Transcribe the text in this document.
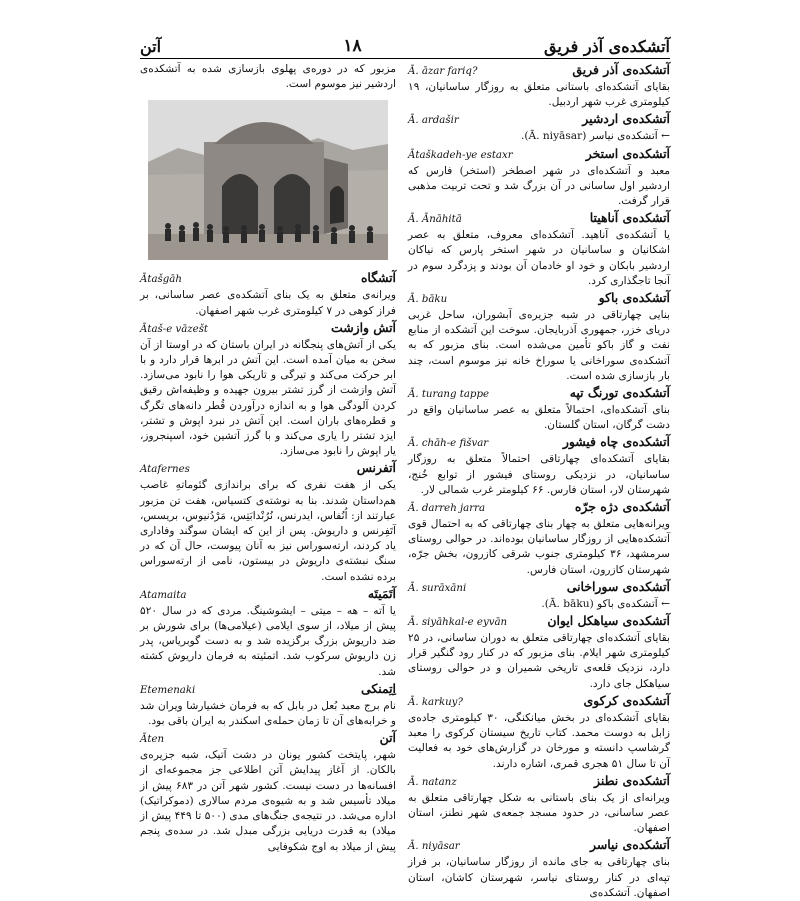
آتن	۱۸	آتشکده‌ی آذر فریق
آتشکده‌ی آذر فریق
Ā. āzar fariq?

بقایای آتشکده‌ای باستانی متعلق به روزگار ساسانیان، ۱۹ کیلومتری غرب شهر اردبیل.

آتشکده‌ی اردشیر
Ā. ardašir

← آتشکده‌ی نیاسر (Ā. niyāsar).

آتشکده‌ی استخر
Ātaškadeh-ye estaxr

معبد و آتشکده‌ای در شهر اصطخر (استخر) فارس که اردشیر اول ساسانی در آن بزرگ شد و تحت تربیت مذهبی قرار گرفت.

آتشکده‌ی آناهیتا
Ā. Ānāhitā

یا آتشکده‌ی آناهید. آتشکده‌ای معروف، متعلق به عصر اشکانیان و ساسانیان در شهر استخر پارس که نیاکان اردشیر بابکان و خود او خادمان آن بودند و پزدگرد سوم در آنجا تاجگذاری کرد.

آتشکده‌ی باکو
Ā. bāku

بنایی چهارتاقی در شبه جزیره‌ی آبشوران، ساحل غربی دریای خزر، جمهوری آذربایجان. سوخت این آتشکده از منابع نفت و گاز باکو تأمین می‌شده است. بنای مزبور که به آتشکده‌ی سوراخانی یا سوراخ خانه نیز موسوم است، چند بار بازسازی شده است.

آتشکده‌ی تورنگ تپه
Ā. turang tappe

بنای آتشکده‌ای، احتمالاً متعلق به عصر ساسانیان واقع در دشت گرگان، استان گلستان.

آتشکده‌ی چاه فیشور
Ā. chāh-e fišvar

بقایای آتشکده‌ای چهارتاقی احتمالاً متعلق به روزگار ساسانیان، در نزدیکی روستای فیشور از توابع خُنج، شهرستان لار، استان فارس. ۶۶ کیلومتر غرب شمالی لار.

آتشکده‌ی دژه جرّه
Ā. darreh jarra

ویرانه‌هایی متعلق به چهار بنای چهارتاقی که به احتمال قوی آتشکده‌هایی از روزگار ساسانیان بوده‌اند. در حوالی روستای سرمشهد، ۳۶ کیلومتری جنوب شرقی کازرون، بخش جرّه، شهرستان کازرون، استان فارس.

آتشکده‌ی سوراخانی
Ā. surāxāni

← آتشکده‌ی باکو (Ā. bāku).

آتشکده‌ی سیاهکل ایوان
Ā. siyāhkal-e eyvān

بقایای آتشکده‌ای چهارتاقی متعلق به دوران ساسانی، در ۲۵ کیلومتری شهر ایلام. بنای مزبور که در کنار رود گنگیر قرار دارد، نزدیک قلعه‌ی تاریخی شمیران و در حوالی روستای سیاهکل جای دارد.

آتشکده‌ی کرکوی
Ā. karkuy?

بقایای آتشکده‌ای در بخش میانکنگی، ۳۰ کیلومتری جاده‌ی زابل به دوست محمد. کتاب تاریخ سیستان کرکوی را معبد گرشاسپ دانسته و مورخان در گزارش‌های خود به فعالیت آن تا سال ۵۱ هجری قمری، اشاره دارند.

آتشکده‌ی نطنز
Ā. natanz

ویرانه‌ای از یک بنای باستانی به شکل چهارتاقی متعلق به عصر ساسانی، در حدود مسجد جمعه‌ی شهر نطنز، استان اصفهان.

آتشکده‌ی نیاسر
Ā. niyāsar

بنای چهارتاقی به جای مانده از روزگار ساسانیان، بر فراز تپه‌ای در کنار روستای نیاسر، شهرستان کاشان، استان اصفهان. آتشکده‌ی

مزبور که در دوره‌ی پهلوی بازسازی شده به آتشکده‌ی اردشیر نیز موسوم است.

آتشگاه
Ātašgāh

ویرانه‌ی متعلق به یک بنای آتشکده‌ی عصر ساسانی، بر فراز کوهی در ۷ کیلومتری غرب شهر اصفهان.

آتش وازشت
Ātaš-e vāzešt

یکی از آتش‌های پنجگانه در ایران باستان که در اوستا از آن سخن به میان آمده است. این آتش در ابرها قرار دارد و با ابر حرکت می‌کند و تیرگی و تاریکی هوا را نابود می‌سازد. آتش وازشت از گرز تشتر بیرون جهیده و وظیفه‌اش رقیق کردن آلودگی هوا و به اندازه درآوردن قُطر دانه‌های تگرگ و قطره‌های باران است. این آتش در نبرد اپوش و تشتر، ایزد تشتر را یاری می‌کند و با گرز آتشین خود، اسپنجروز، یار اپوش را نابود می‌سازد.

آتفرنس
Atafernes

یکی از هفت نفری که برای براندازی گئوماتهِ غاصب هم‌داستان شدند. بنا به نوشته‌ی کتسیاس، هفت تن مزبور عبارتند از: اُنُفاس، ایدرنس، نُرُنْدابَتِس، مَرْدُنیوس، بریسس، آتَفِرنس و داریوش. پس از این که ایشان سوگند وفاداری یاد کردند، ارته‌سوراس نیز به آنان پیوست، حال آن که در سنگ نبشته‌ی داریوش در بیستون، نامی از ارته‌سوراس برده نشده است.

آتَمَیتَه
Atamaita

یا آته – هه – میتی – ایشوشینگ. مردی که در سال ۵۲۰ پیش از میلاد، از سوی ایلامی (عیلامی‌ها) برای شورش بر ضد داریوش بزرگ برگزیده شد و به دست گوبریاس، پدر زن داریوش سرکوب شد. اتمئیته به فرمان داریوش کشته شد.

اِتِمنکی
Etemenaki

نام برج معبد بُعل در بابل که به فرمان خشیارشا ویران شد و خرابه‌های آن تا زمان حمله‌ی اسکندر به ایران باقی بود.

آتن
Āten

شهر، پایتخت کشور یونان در دشت آتیک، شبه جزیره‌ی بالکان. از آغاز پیدایش آتن اطلاعی جز مجموعه‌ای از افسانه‌ها در دست نیست. کشور شهر آتن در ۶۸۳ پیش از میلاد تأسیس شد و به شیوه‌ی مردم سالاری (دموکراتیک) اداره می‌شد. در نتیجه‌ی جنگ‌های مدی (۵۰۰ تا ۴۴۹ پیش از میلاد) به قدرت دریایی بزرگی مبدل شد. در سده‌ی پنجم پیش از میلاد به اوج شکوفایی
